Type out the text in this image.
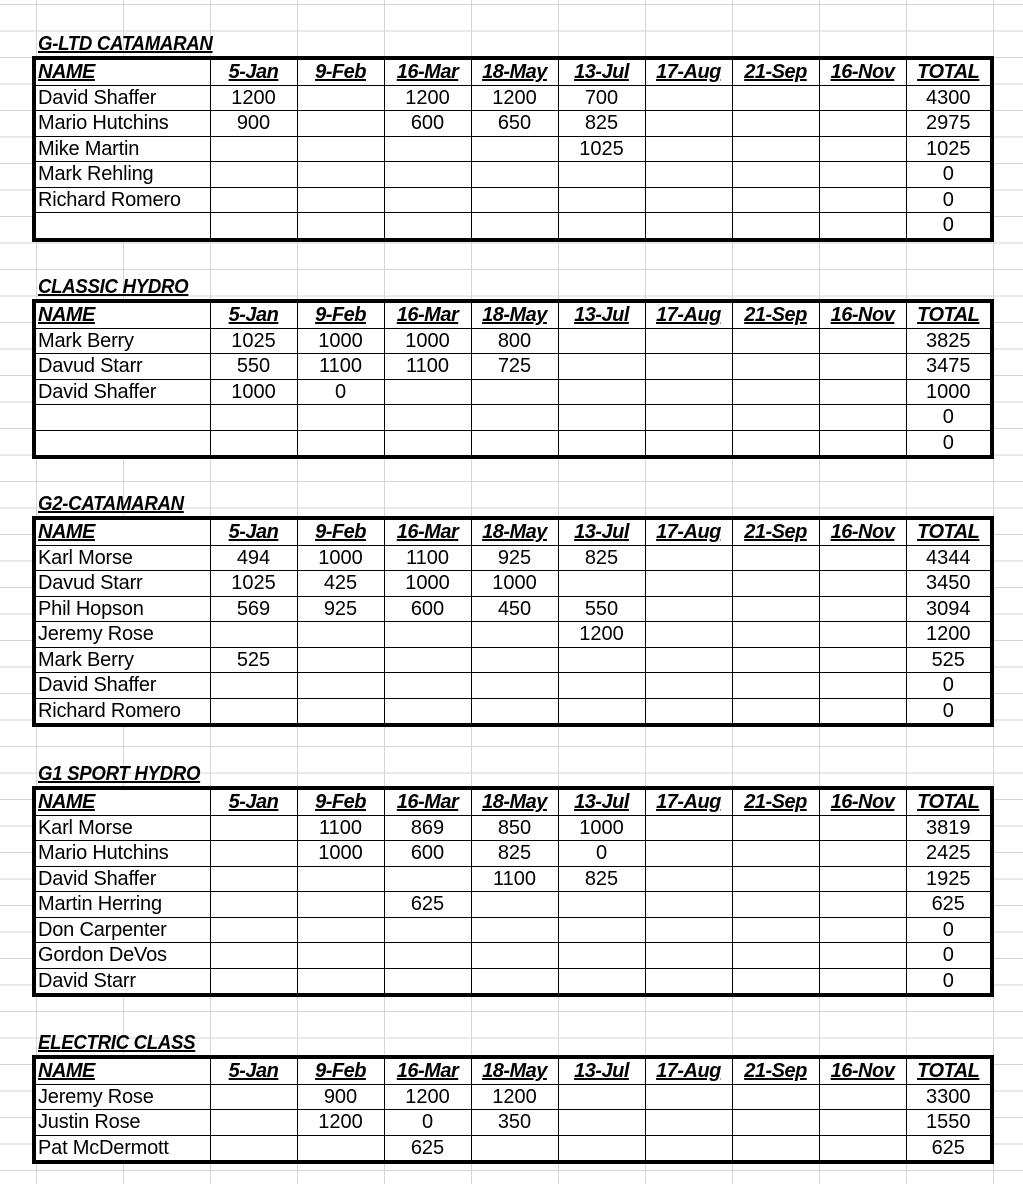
G-LTD CATAMARAN
NAME	5-Jan	9-Feb	16-Mar	18-May	13-Jul	17-Aug	21-Sep	16-Nov	TOTAL
David Shaffer	1200		1200	1200	700				4300
Mario Hutchins	900		600	650	825				2975
Mike Martin					1025				1025
Mark Rehling									0
Richard Romero									0
									0
CLASSIC HYDRO
NAME	5-Jan	9-Feb	16-Mar	18-May	13-Jul	17-Aug	21-Sep	16-Nov	TOTAL
Mark Berry	1025	1000	1000	800					3825
Davud Starr	550	1100	1100	725					3475
David Shaffer	1000	0							1000
									0
									0
G2-CATAMARAN
NAME	5-Jan	9-Feb	16-Mar	18-May	13-Jul	17-Aug	21-Sep	16-Nov	TOTAL
Karl Morse	494	1000	1100	925	825				4344
Davud Starr	1025	425	1000	1000					3450
Phil Hopson	569	925	600	450	550				3094
Jeremy Rose					1200				1200
Mark Berry	525								525
David Shaffer									0
Richard Romero									0
G1 SPORT HYDRO
NAME	5-Jan	9-Feb	16-Mar	18-May	13-Jul	17-Aug	21-Sep	16-Nov	TOTAL
Karl Morse		1100	869	850	1000				3819
Mario Hutchins		1000	600	825	0				2425
David Shaffer				1100	825				1925
Martin Herring			625						625
Don Carpenter									0
Gordon DeVos									0
David Starr									0
ELECTRIC CLASS
NAME	5-Jan	9-Feb	16-Mar	18-May	13-Jul	17-Aug	21-Sep	16-Nov	TOTAL
Jeremy Rose		900	1200	1200					3300
Justin Rose		1200	0	350					1550
Pat McDermott			625						625
